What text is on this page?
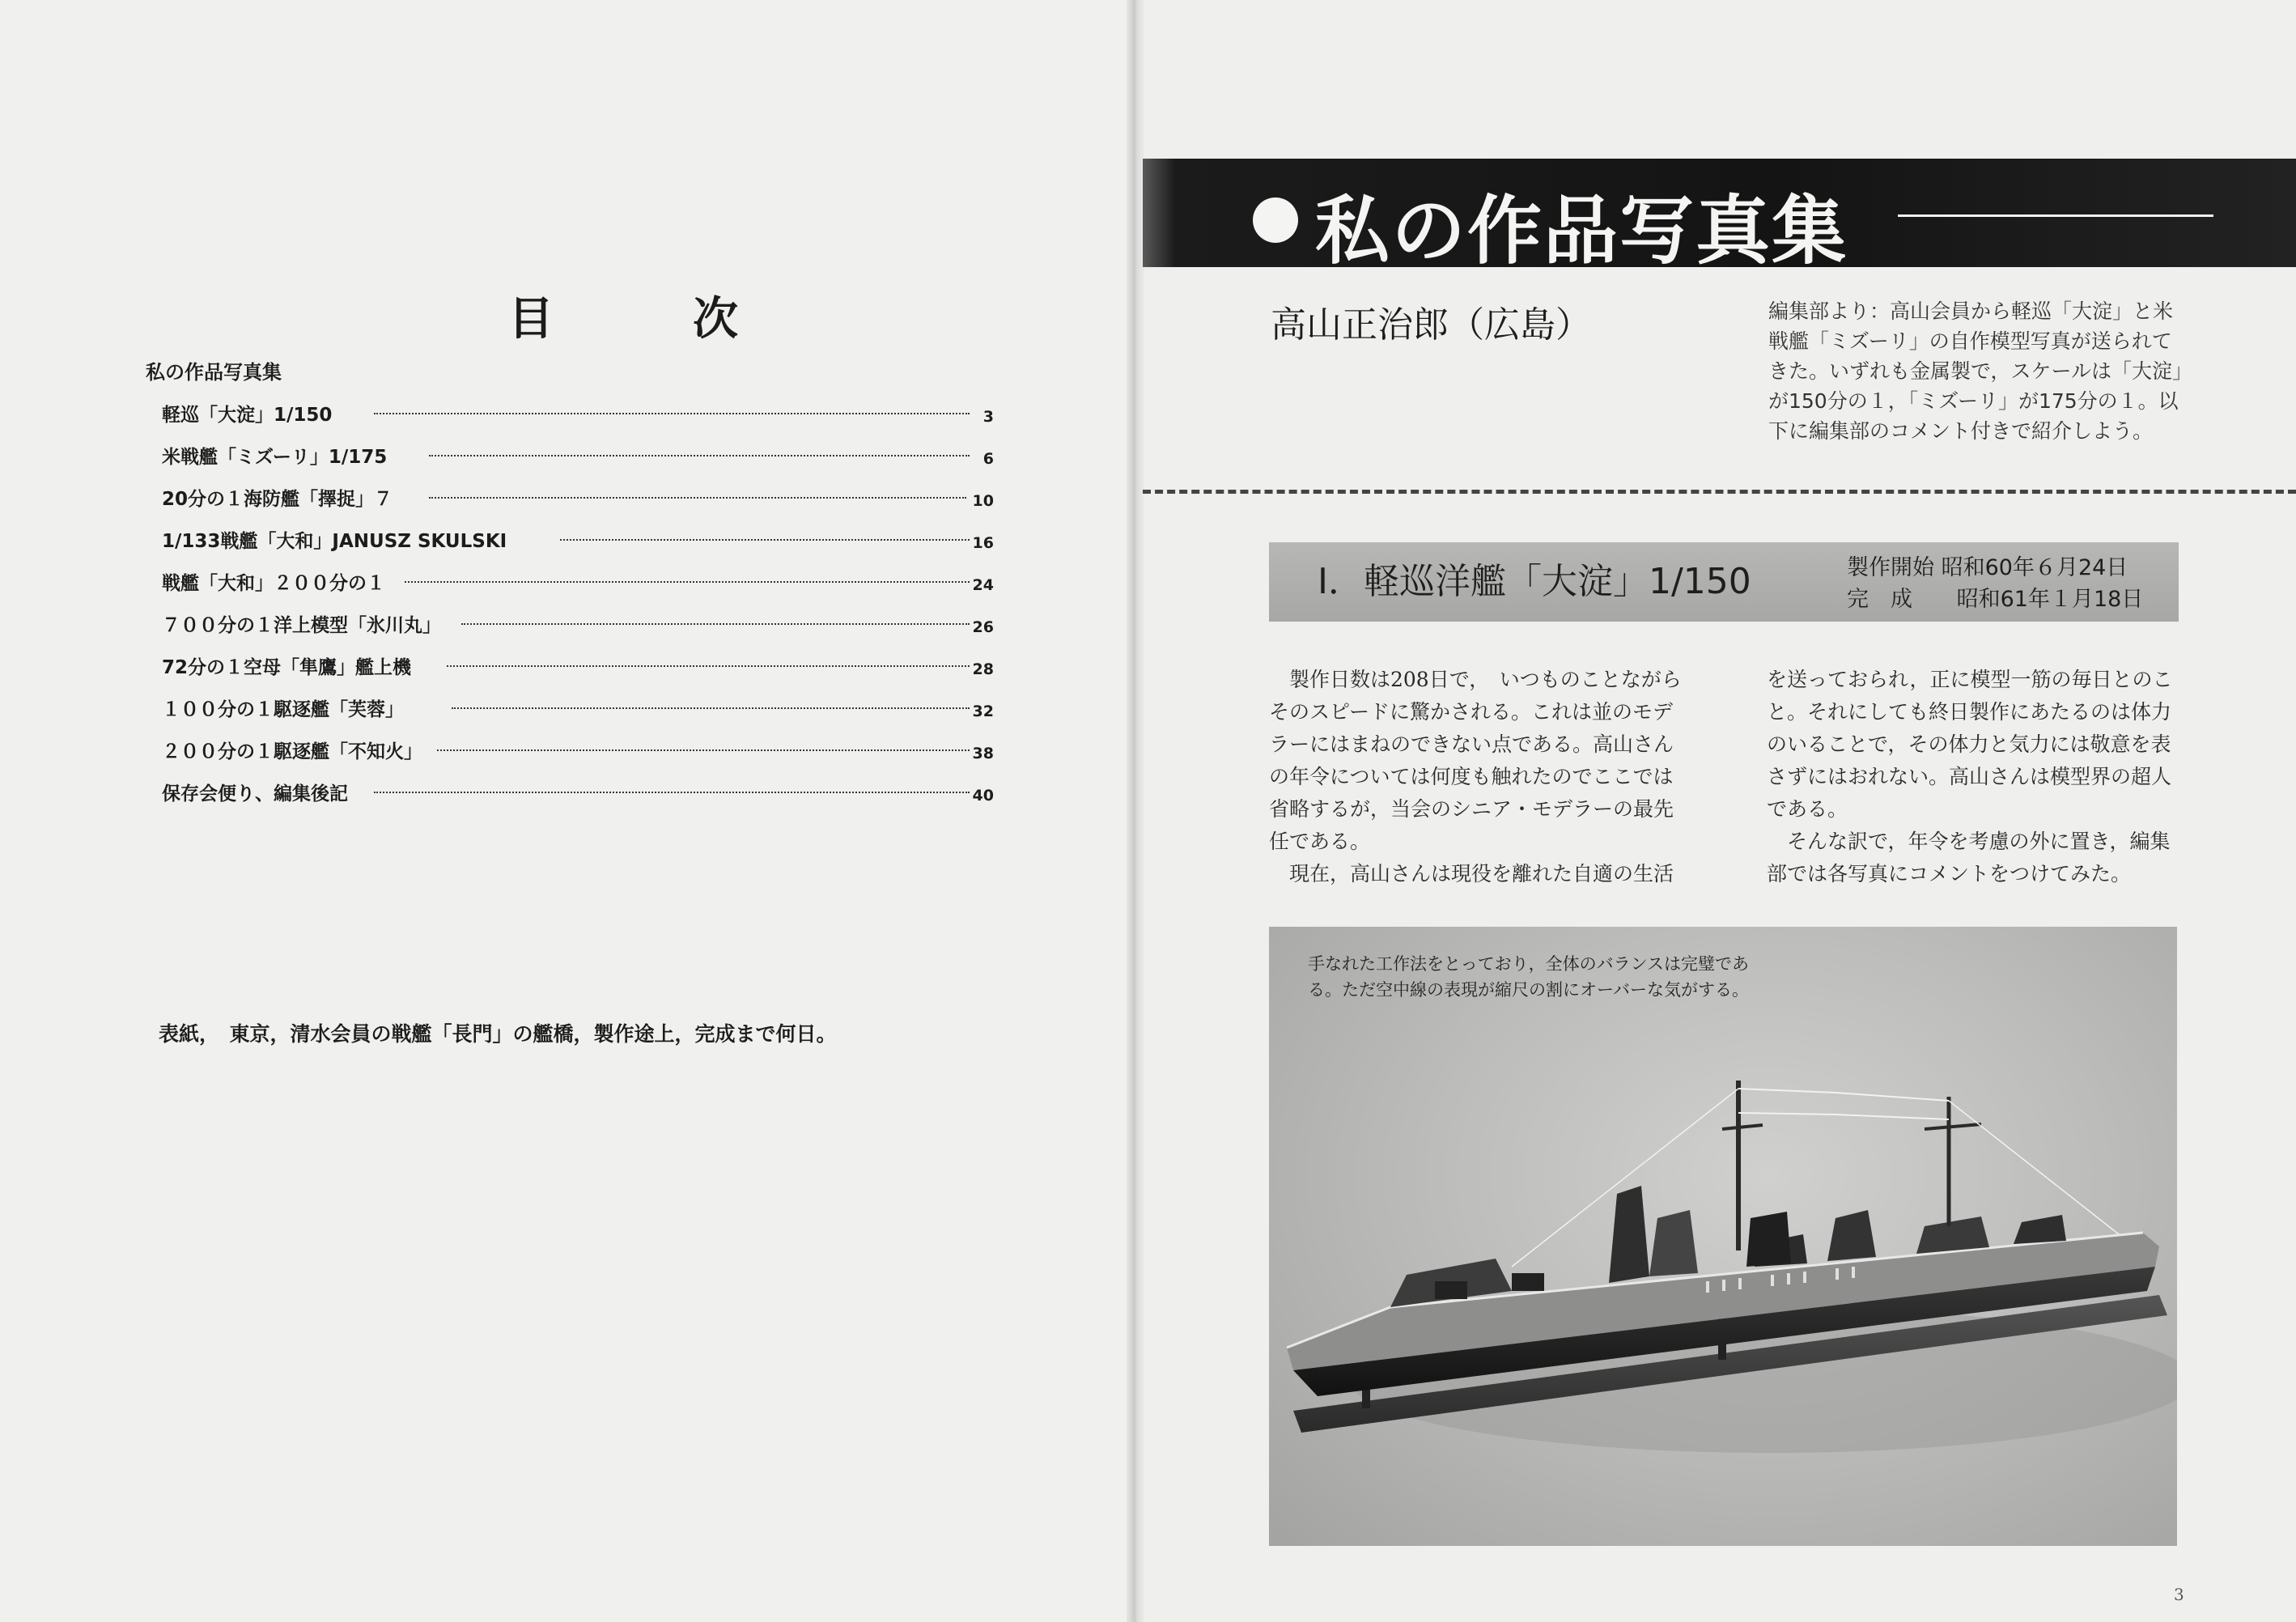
目　次
私の作品写真集
軽巡「大淀」1/150	3
米戦艦「ミズーリ」1/175	6
20分の１海防艦「擇捉」７	10
1/133戦艦「大和」JANUSZ SKULSKI	16
戦艦「大和」２００分の１	24
７００分の１洋上模型「氷川丸」	26
72分の１空母「隼鷹」艦上機	28
１００分の１駆逐艦「芙蓉」	32
２００分の１駆逐艦「不知火」	38
保存会便り、編集後記	40
表紙，　東京，清水会員の戦艦「長門」の艦橋，製作途上，完成まで何日。
私の作品写真集
高山正治郎（広島）	編集部より：高山会員から軽巡「大淀」と米
戦艦「ミズーリ」の自作模型写真が送られて
きた。いずれも金属製で，スケールは「大淀」
が150分の１，「ミズーリ」が175分の１。以
下に編集部のコメント付きで紹介しよう。
Ⅰ．軽巡洋艦「大淀」1/150	製作開始 昭和60年６月24日
完　成 昭和61年１月18日
　製作日数は208日で，　いつものことながら
そのスピードに驚かされる。これは並のモデ
ラーにはまねのできない点である。高山さん
の年令については何度も触れたのでここでは
省略するが，当会のシニア・モデラーの最先
任である。
　現在，高山さんは現役を離れた自適の生活
を送っておられ，正に模型一筋の毎日とのこ
と。それにしても終日製作にあたるのは体力
のいることで，その体力と気力には敬意を表
さずにはおれない。高山さんは模型界の超人
である。
　そんな訳で，年令を考慮の外に置き，編集
部では各写真にコメントをつけてみた。
手なれた工作法をとっており，全体のバランスは完璧であ
る。ただ空中線の表現が縮尺の割にオーバーな気がする。
3
